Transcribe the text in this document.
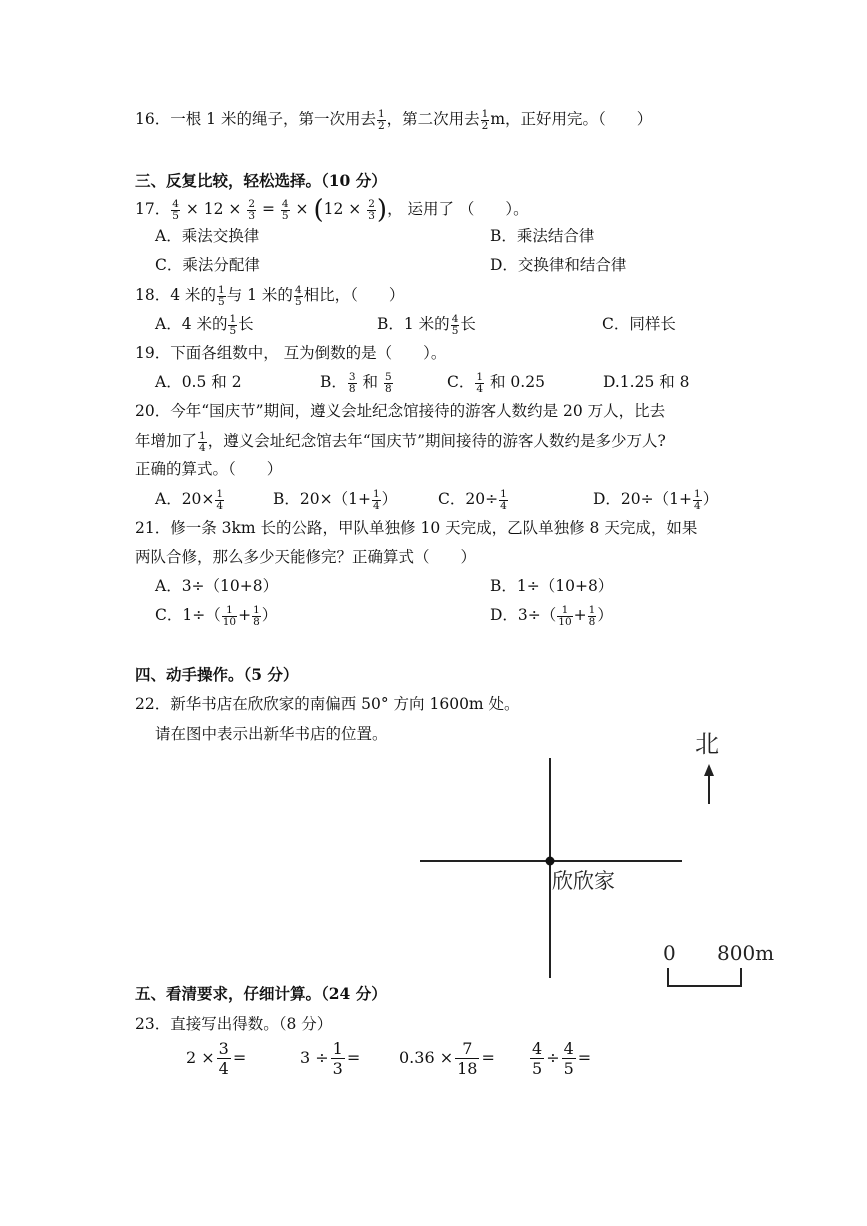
16．一根 1 米的绳子，第一次用去 $\frac{1}{2}$ ，第二次用去 $\frac{1}{2}$ m，正好用完。（　　）
三、反复比较，轻松选择。（10 分）
17． $\frac{4}{5} \times 12 \times \frac{2}{3} = \frac{4}{5} \times (12 \times \frac{2}{3}$ )， 运用了 （　　）。
A．乘法交换律	B．乘法结合律
C．乘法分配律	D．交换律和结合律
18．4 米的 $\frac{1}{5}$ 与 1 米的 $\frac{4}{5}$ 相比，（　　）
A．4 米的 $\frac{1}{5}$ 长	B．1 米的 $\frac{4}{5}$ 长	C．同样长
19．下面各组数中， 互为倒数的是（　　）。
A．0.5 和 2	B． $\frac{3}{8}$ 和 $\frac{5}{8}$	C． $\frac{1}{4}$ 和 0.25	D.1.25 和 8
20．今年“国庆节”期间，遵义会址纪念馆接待的游客人数约是 20 万人，比去
年增加了 $\frac{1}{4}$ ，遵义会址纪念馆去年“国庆节”期间接待的游客人数约是多少万人?
正确的算式。（　　）
A．$20\times \frac{1}{4}$	B．$20\times(1+ \frac{1}{4}$ ）	C．$20\div \frac{1}{4}$	D．$20\div(1+ \frac{1}{4}$ ）
21．修一条 3km 长的公路，甲队单独修 10 天完成，乙队单独修 8 天完成，如果
两队合修，那么多少天能修完？正确算式（　　）
A．3÷（10+8）	B．1÷（10+8）
C．$1\div( \frac{1}{10} + \frac{1}{8}$ ）	D．$3\div( \frac{1}{10} + \frac{1}{8}$ ）
四、动手操作。（5 分）
22．新华书店在欣欣家的南偏西 50° 方向 1600m 处。
请在图中表示出新华书店的位置。
欣欣家
北
0 800m
五、看清要求，仔细计算。（24 分）
23．直接写出得数。（8 分）
$2 \times \frac{3}{4}$ =	$3 \div \frac{1}{3} = 0.36 \times \frac{7}{18} = \frac{4}{5} \div \frac{4}{5}$ =
